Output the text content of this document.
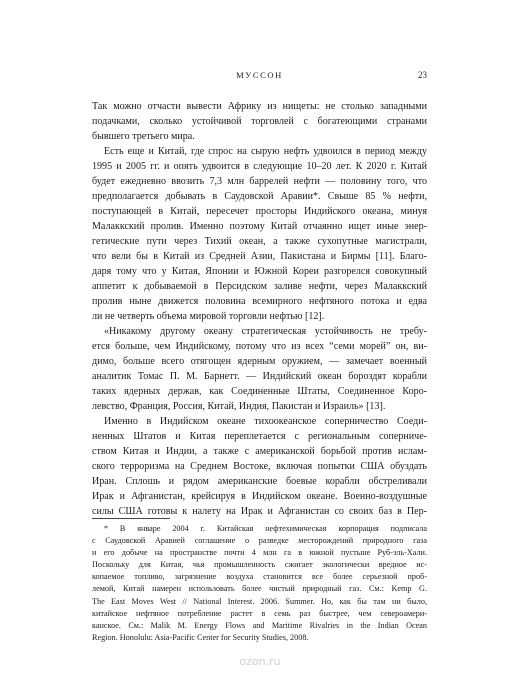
МУССОН	23
Так можно отчасти вывести Африку из нищеты: не столько западными
подачками, сколько устойчивой торговлей с богатеющими странами
бывшего третьего мира.
Есть еще и Китай, где спрос на сырую нефть удвоился в период между
1995 и 2005 гг. и опять удвоится в следующие 10–20 лет. К 2020 г. Китай
будет ежедневно ввозить 7,3 млн баррелей нефти — половину того, что
предполагается добывать в Саудовской Аравии*. Свыше 85 % нефти,
поступающей в Китай, пересечет просторы Индийского океана, минуя
Малаккский пролив. Именно поэтому Китай отчаянно ищет иные энер-
гетические пути через Тихий океан, а также сухопутные магистрали,
что вели бы в Китай из Средней Азии, Пакистана и Бирмы [11]. Благо-
даря тому что у Китая, Японии и Южной Кореи разгорелся совокупный
аппетит к добываемой в Персидском заливе нефти, через Малаккский
пролив ныне движется половина всемирного нефтяного потока и едва
ли не четверть объема мировой торговли нефтью [12].
«Никакому другому океану стратегическая устойчивость не требу-
ется больше, чем Индийскому, потому что из всех “семи морей” он, ви-
димо, больше всего отягощен ядерным оружием, — замечает военный
аналитик Томас П. М. Барнетт. — Индийский океан бороздят корабли
таких ядерных держав, как Соединенные Штаты, Соединенное Коро-
левство, Франция, Россия, Китай, Индия, Пакистан и Израиль» [13].
Именно в Индийском океане тихоокеанское соперничество Соеди-
ненных Штатов и Китая переплетается с региональным соперниче-
ством Китая и Индии, а также с американской борьбой против ислам-
ского терроризма на Среднем Востоке, включая попытки США обуздать
Иран. Сплошь и рядом американские боевые корабли обстреливали
Ирак и Афганистан, крейсируя в Индийском океане. Военно-воздушные
силы США готовы к налету на Ирак и Афганистан со своих баз в Пер-
* В январе 2004 г. Китайская нефтехимическая корпорация подписала
с Саудовской Аравией соглашение о разведке месторождений природного газа
и его добыче на пространстве почти 4 млн га в южной пустыне Руб-эль-Хали.
Поскольку для Китая, чья промышленность сжигает экологически вредное ис-
копаемое топливо, загрязнение воздуха становится все более серьезной проб-
лемой, Китай намерен использовать более чистый природный газ. См.: Kemp G.
The East Moves West // National Interest. 2006. Summer. Но, как бы там ни было,
китайское нефтяное потребление растет в семь раз быстрее, чем североамери-
канское. См.: Malik M. Energy Flows and Maritime Rivalries in the Indian Ocean
Region. Honolulu: Asia-Pacific Center for Security Studies, 2008.
ozon.ru
